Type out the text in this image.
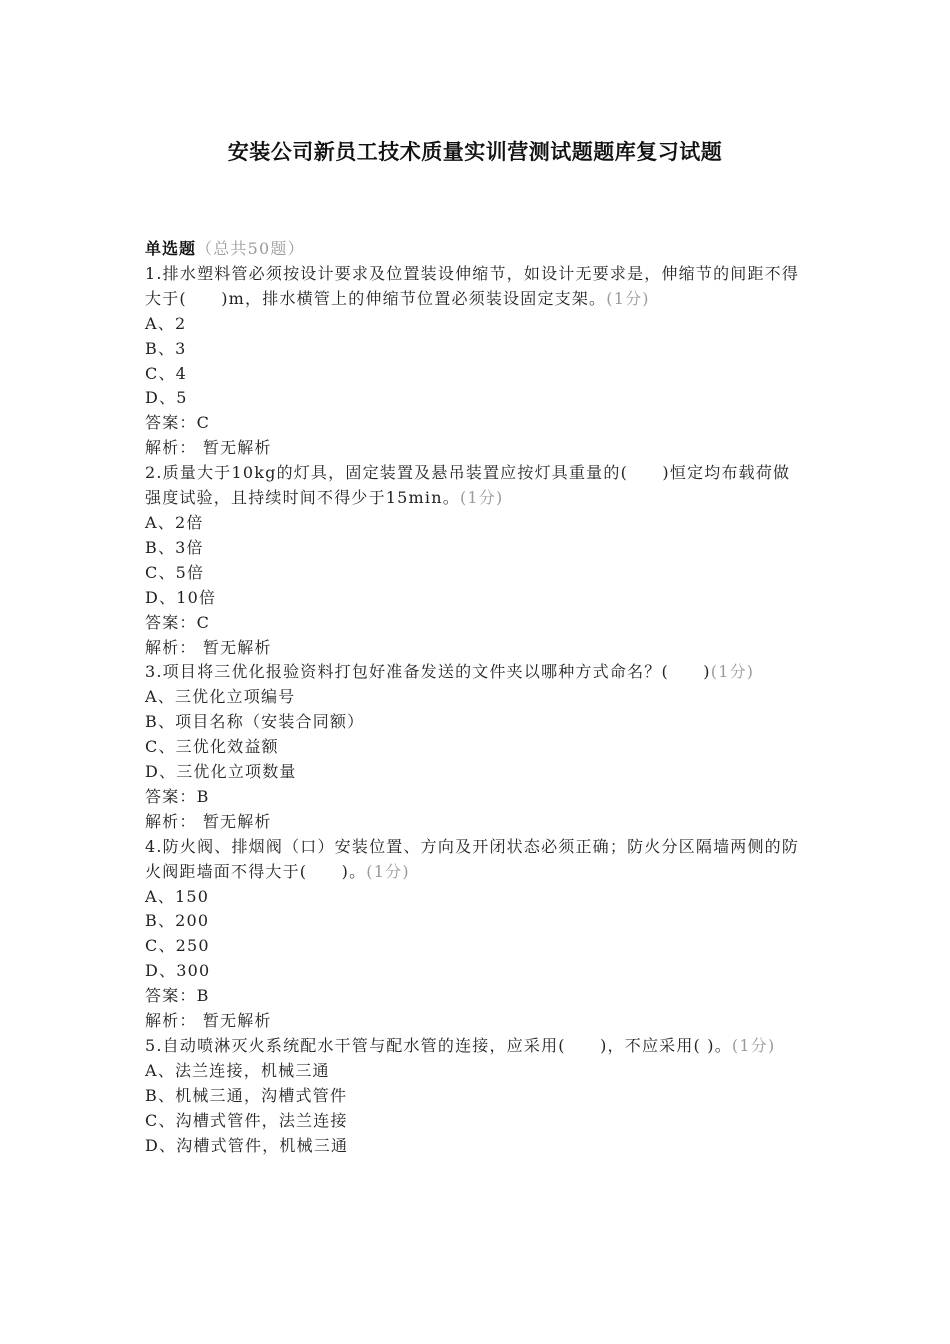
安装公司新员工技术质量实训营测试题题库复习试题
单选题（总共50题）
1.排水塑料管必须按设计要求及位置装设伸缩节，如设计无要求是，伸缩节的间距不得大于(　　)m，排水横管上的伸缩节位置必须装设固定支架。(1分)
A、2
B、3
C、4
D、5
答案：C
解析： 暂无解析
2.质量大于10kg的灯具，固定装置及悬吊装置应按灯具重量的(　　)恒定均布载荷做强度试验，且持续时间不得少于15min。(1分)
A、2倍
B、3倍
C、5倍
D、10倍
答案：C
解析： 暂无解析
3.项目将三优化报验资料打包好准备发送的文件夹以哪种方式命名？(　　)(1分)
A、三优化立项编号
B、项目名称（安装合同额）
C、三优化效益额
D、三优化立项数量
答案：B
解析： 暂无解析
4.防火阀、排烟阀（口）安装位置、方向及开闭状态必须正确；防火分区隔墙两侧的防火阀距墙面不得大于(　　)。(1分)
A、150
B、200
C、250
D、300
答案：B
解析： 暂无解析
5.自动喷淋灭火系统配水干管与配水管的连接，应采用(　　)，不应采用( )。(1分)
A、法兰连接，机械三通
B、机械三通，沟槽式管件
C、沟槽式管件，法兰连接
D、沟槽式管件，机械三通
